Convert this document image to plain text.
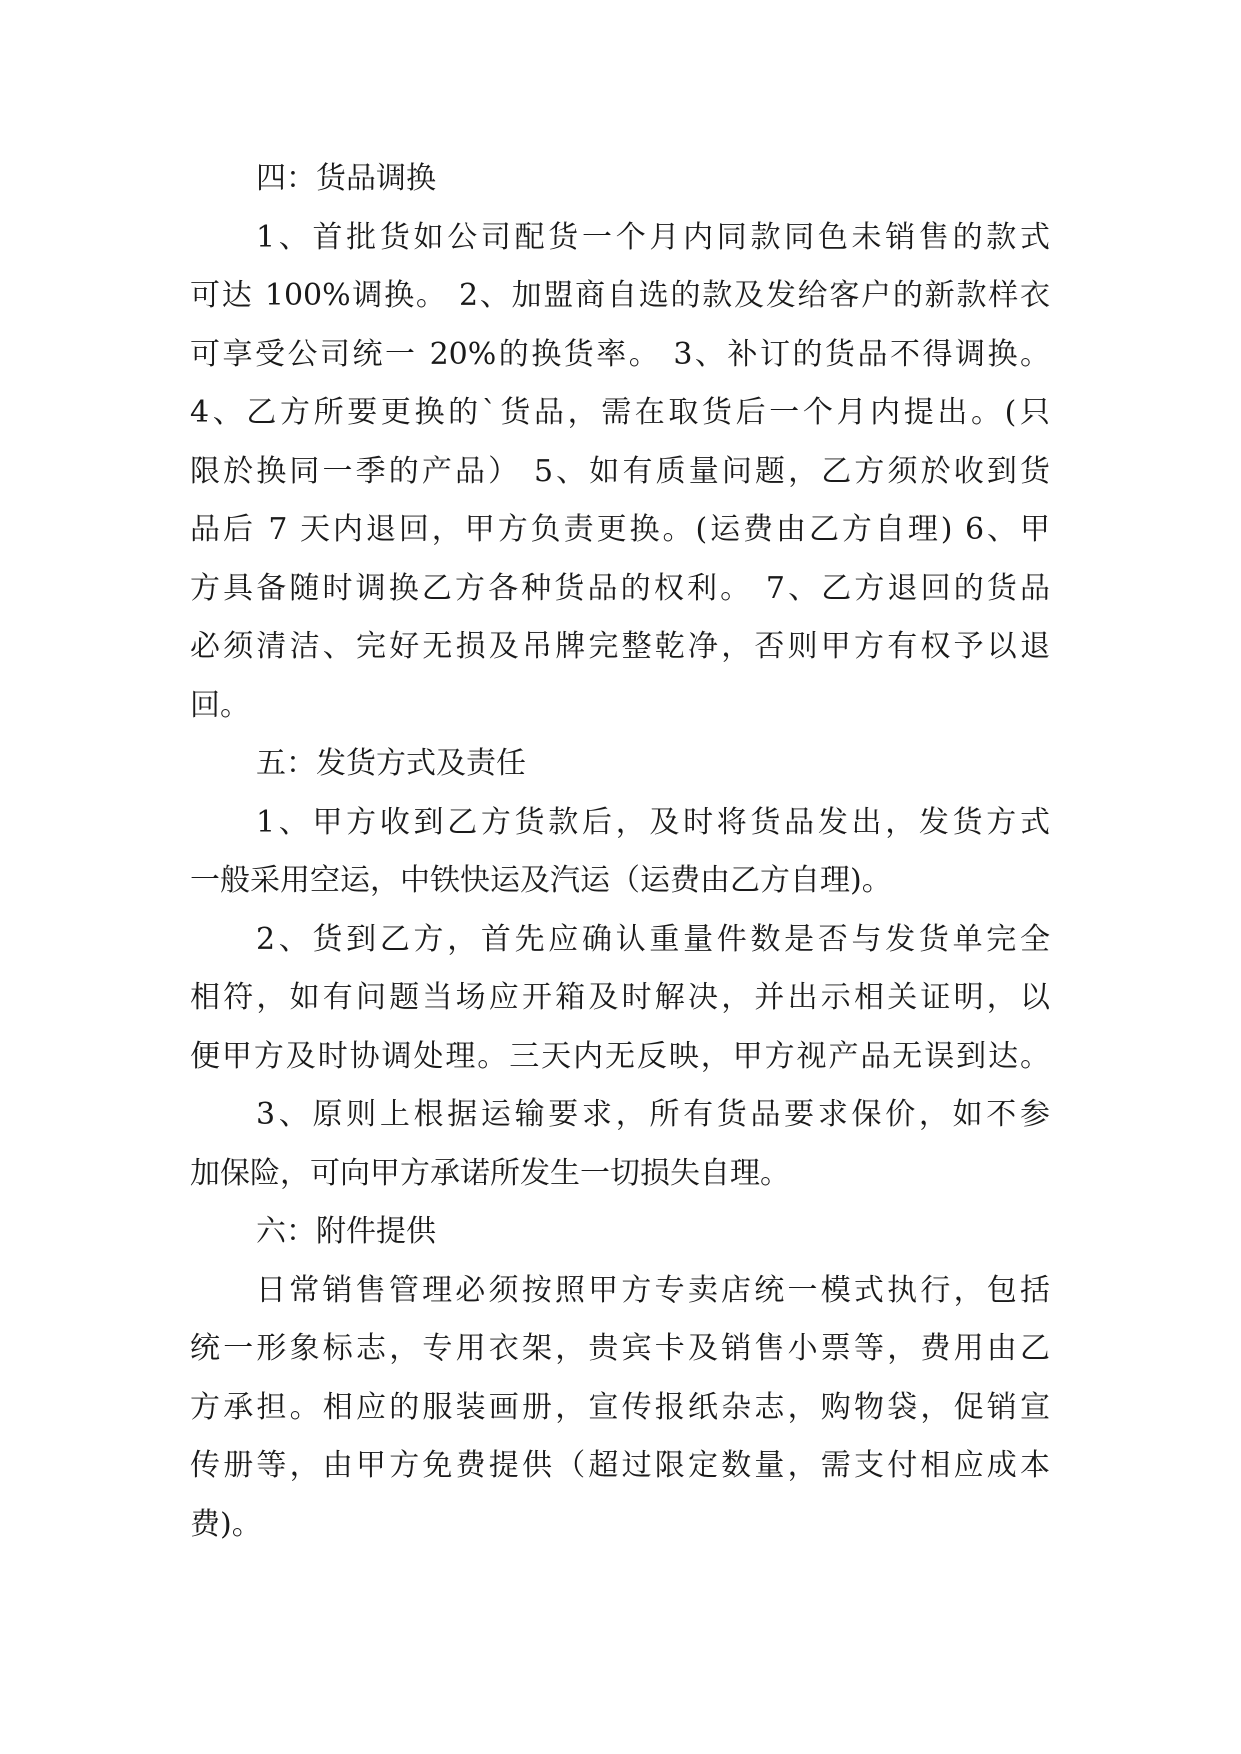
四：货品调换
1、首批货如公司配货一个月内同款同色未销售的款式
可达 100%调换。 2、加盟商自选的款及发给客户的新款样衣
可享受公司统一 20%的换货率。 3、补订的货品不得调换。
4、乙方所要更换的`货品，需在取货后一个月内提出。(只
限於换同一季的产品） 5、如有质量问题，乙方须於收到货
品后 7 天内退回，甲方负责更换。(运费由乙方自理) 6、甲
方具备随时调换乙方各种货品的权利。 7、乙方退回的货品
必须清洁、完好无损及吊牌完整乾净，否则甲方有权予以退
回。
五：发货方式及责任
1、甲方收到乙方货款后，及时将货品发出，发货方式
一般采用空运，中铁快运及汽运（运费由乙方自理)。
2、货到乙方，首先应确认重量件数是否与发货单完全
相符，如有问题当场应开箱及时解决，并出示相关证明，以
便甲方及时协调处理。三天内无反映，甲方视产品无误到达。
3、原则上根据运输要求，所有货品要求保价，如不参
加保险，可向甲方承诺所发生一切损失自理。
六：附件提供
日常销售管理必须按照甲方专卖店统一模式执行，包括
统一形象标志，专用衣架，贵宾卡及销售小票等，费用由乙
方承担。相应的服装画册，宣传报纸杂志，购物袋，促销宣
传册等，由甲方免费提供（超过限定数量，需支付相应成本
费)。
